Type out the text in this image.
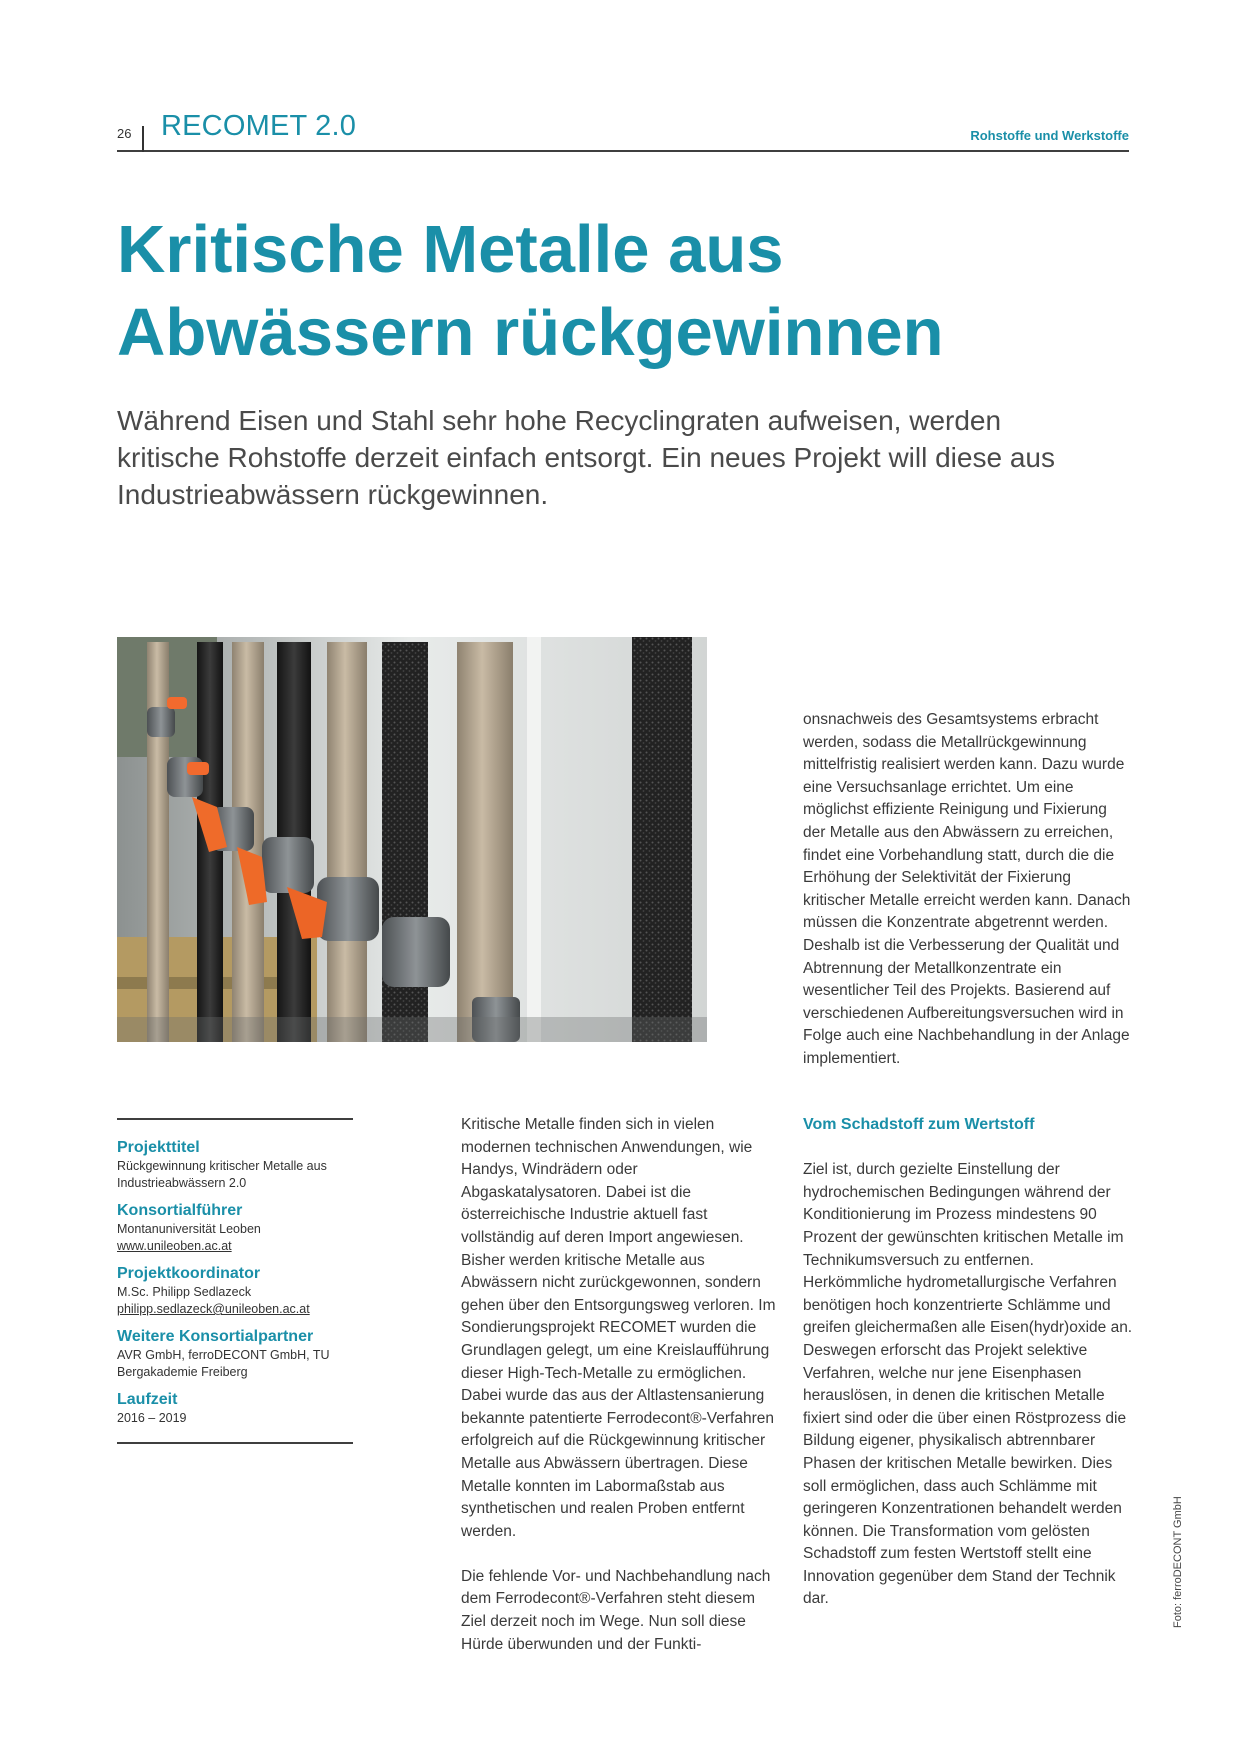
26 RECOMET 2.0	Rohstoffe und Werkstoffe
Kritische Metalle aus Abwässern rückgewinnen

Während Eisen und Stahl sehr hohe Recyclingraten aufweisen, werden kritische Rohstoffe derzeit einfach entsorgt. Ein neues Projekt will diese aus Industrieabwässern rückgewinnen.

Projekttitel
Rückgewinnung kritischer Metalle aus Industrieabwässern 2.0
Konsortialführer
Montanuniversität Leoben
www.unileoben.ac.at
Projektkoordinator
M.Sc. Philipp Sedlazeck
philipp.sedlazeck@unileoben.ac.at
Weitere Konsortialpartner
AVR GmbH, ferroDECONT GmbH, TU Bergakademie Freiberg
Laufzeit
2016 – 2019

Kritische Metalle finden sich in vielen modernen technischen Anwendungen, wie Handys, Windrädern oder Abgaskatalysatoren. Dabei ist die österreichische Industrie aktuell fast vollständig auf deren Import angewiesen. Bisher werden kritische Metalle aus Abwässern nicht zurückgewonnen, sondern gehen über den Entsorgungsweg verloren. Im Sondierungsprojekt RECOMET wurden die Grundlagen gelegt, um eine Kreislaufführung dieser High-Tech-Metalle zu ermöglichen. Dabei wurde das aus der Altlastensanierung bekannte patentierte Ferrodecont®-Verfahren erfolgreich auf die Rückgewinnung kritischer Metalle aus Abwässern übertragen. Diese Metalle konnten im Labormaßstab aus synthetischen und realen Proben entfernt werden.

Die fehlende Vor- und Nachbehandlung nach dem Ferrodecont®-Verfahren steht diesem Ziel derzeit noch im Wege. Nun soll diese Hürde überwunden und der Funkti-

onsnachweis des Gesamtsystems erbracht werden, sodass die Metallrückgewinnung mittelfristig realisiert werden kann. Dazu wurde eine Versuchsanlage errichtet. Um eine möglichst effiziente Reinigung und Fixierung der Metalle aus den Abwässern zu erreichen, findet eine Vorbehandlung statt, durch die die Erhöhung der Selektivität der Fixierung kritischer Metalle erreicht werden kann. Danach müssen die Konzentrate abgetrennt werden. Deshalb ist die Verbesserung der Qualität und Abtrennung der Metallkonzentrate ein wesentlicher Teil des Projekts. Basierend auf verschiedenen Aufbereitungsversuchen wird in Folge auch eine Nachbehandlung in der Anlage implementiert.

Vom Schadstoff zum Wertstoff

Ziel ist, durch gezielte Einstellung der hydrochemischen Bedingungen während der Konditionierung im Prozess mindestens 90 Prozent der gewünschten kritischen Metalle im Technikumsversuch zu entfernen. Herkömmliche hydrometallurgische Verfahren benötigen hoch konzentrierte Schlämme und greifen gleichermaßen alle Eisen(hydr)oxide an. Deswegen erforscht das Projekt selektive Verfahren, welche nur jene Eisenphasen herauslösen, in denen die kritischen Metalle fixiert sind oder die über einen Röstprozess die Bildung eigener, physikalisch abtrennbarer Phasen der kritischen Metalle bewirken. Dies soll ermöglichen, dass auch Schlämme mit geringeren Konzentrationen behandelt werden können. Die Transformation vom gelösten Schadstoff zum festen Wertstoff stellt eine Innovation gegenüber dem Stand der Technik dar.	Foto: ferroDECONT GmbH
